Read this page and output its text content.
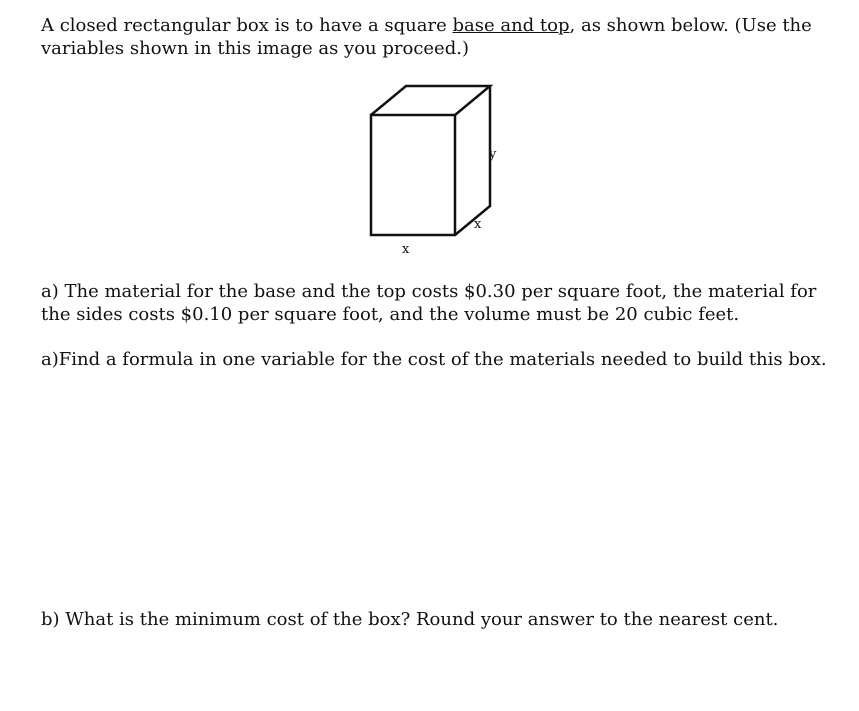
A closed rectangular box is to have a square base and top, as shown below. (Use the variables shown in this image as you proceed.)

y
x
x

a) The material for the base and the top costs $0.30 per square foot, the material for the sides costs $0.10 per square foot, and the volume must be 20 cubic feet.

a)Find a formula in one variable for the cost of the materials needed to build this box.

b) What is the minimum cost of the box? Round your answer to the nearest cent.
